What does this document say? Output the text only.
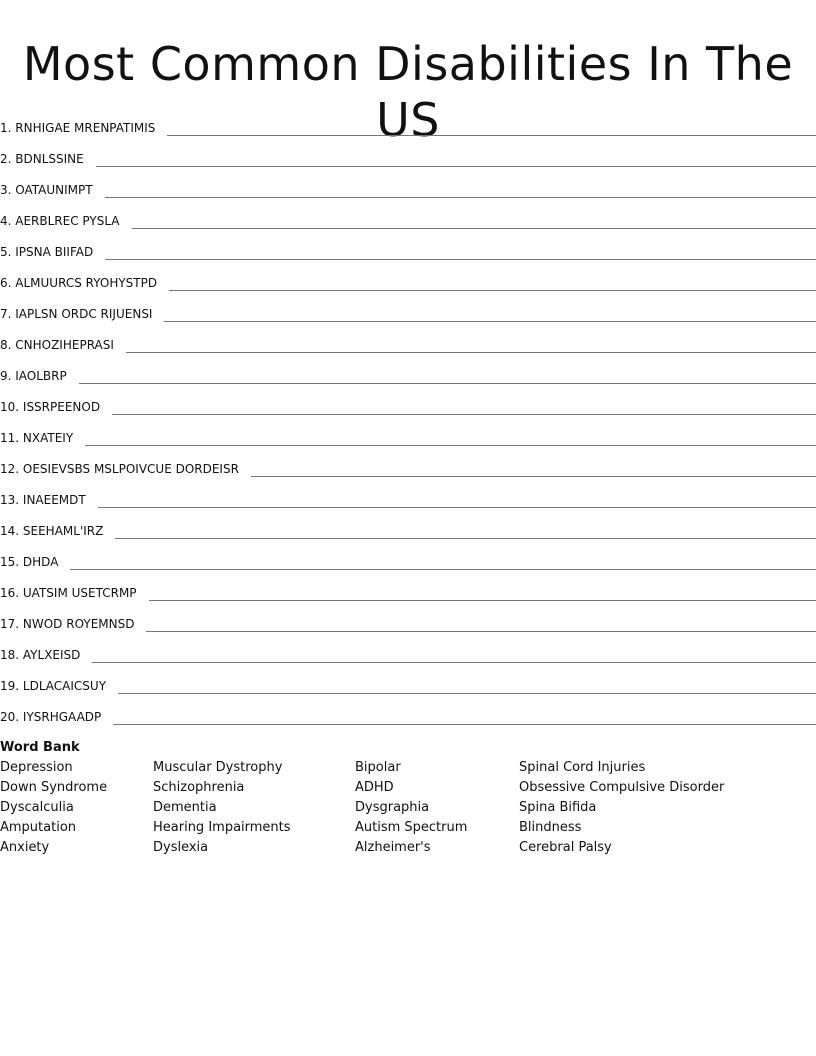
Most Common Disabilities In The US
1. RNHIGAE MRENPATIMIS
2. BDNLSSINE
3. OATAUNIMPT
4. AERBLREC PYSLA
5. IPSNA BIIFAD
6. ALMUURCS RYOHYSTPD
7. IAPLSN ORDC RIJUENSI
8. CNHOZIHEPRASI
9. IAOLBRP
10. ISSRPEENOD
11. NXATEIY
12. OESIEVSBS MSLPOIVCUE DORDEISR
13. INAEEMDT
14. SEEHAML'IRZ
15. DHDA
16. UATSIM USETCRMP
17. NWOD ROYEMNSD
18. AYLXEISD
19. LDLACAICSUY
20. IYSRHGAADP
Word Bank
Depression	Muscular Dystrophy	Bipolar	Spinal Cord Injuries
Down Syndrome	Schizophrenia	ADHD	Obsessive Compulsive Disorder
Dyscalculia	Dementia	Dysgraphia	Spina Bifida
Amputation	Hearing Impairments	Autism Spectrum	Blindness
Anxiety	Dyslexia	Alzheimer's	Cerebral Palsy
